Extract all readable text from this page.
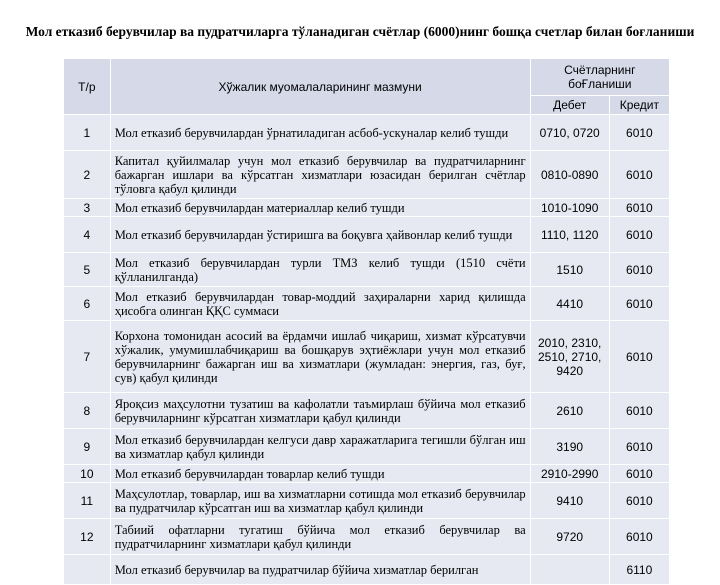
Мол етказиб берувчилар ва пудратчиларга тўланадиган счётлар (6000)нинг бошқа счетлар билан боғланиши
Т/р	Хўжалик муомалаларининг мазмуни	Счётларнинг боҒланиши	
		Дебет	Кредит
1	Мол етказиб берувчилардан ўрнатиладиган асбоб-ускуналар келиб тушди	0710, 0720	6010
2	Капитал қуйилмалар учун мол етказиб берувчилар ва пудратчиларнинг бажарган ишлари ва кўрсатган хизматлари юзасидан берилган счётлар тўловга қабул қилинди	0810-0890	6010
3	Мол етказиб берувчилардан материаллар келиб тушди	1010-1090	6010
4	Мол етказиб берувчилардан ўстиришга ва боқувга ҳайвонлар келиб тушди	1110, 1120	6010
5	Мол етказиб берувчилардан турли ТМЗ келиб тушди (1510 счёти қўлланилганда)	1510	6010
6	Мол етказиб берувчилардан товар-моддий заҳираларни харид қилишда ҳисобга олинган ҚҚС суммаси	4410	6010
7	Корхона томонидан асосий ва ёрдамчи ишлаб чиқариш, хизмат кўрсатувчи хўжалик, умумишлабчиқариш ва бошқарув эҳтиёжлари учун мол етказиб берувчиларнинг бажарган иш ва хизматлари (жумладан: энергия, газ, буғ, сув) қабул қилинди	2010, 2310, 2510, 2710, 9420	6010
8	Яроқсиз маҳсулотни тузатиш ва кафолатли таъмирлаш бўйича мол етказиб берувчиларнинг кўрсатган хизматлари қабул қилинди	2610	6010
9	Мол етказиб берувчилардан келгуси давр харажатларига тегишли бўлган иш ва хизматлар қабул қилинди	3190	6010
10	Мол етказиб берувчилардан товарлар келиб тушди	2910-2990	6010
11	Маҳсулотлар, товарлар, иш ва хизматларни сотишда мол етказиб берувчилар ва пудратчилар кўрсатган иш ва хизматлар қабул қилинди	9410	6010
12	Табиий офатларни тугатиш бўйича мол етказиб берувчилар ва пудратчиларнинг хизматлари қабул қилинди	9720	6010
	Мол етказиб берувчилар ва пудратчилар бўйича хизматлар берилган		6110
